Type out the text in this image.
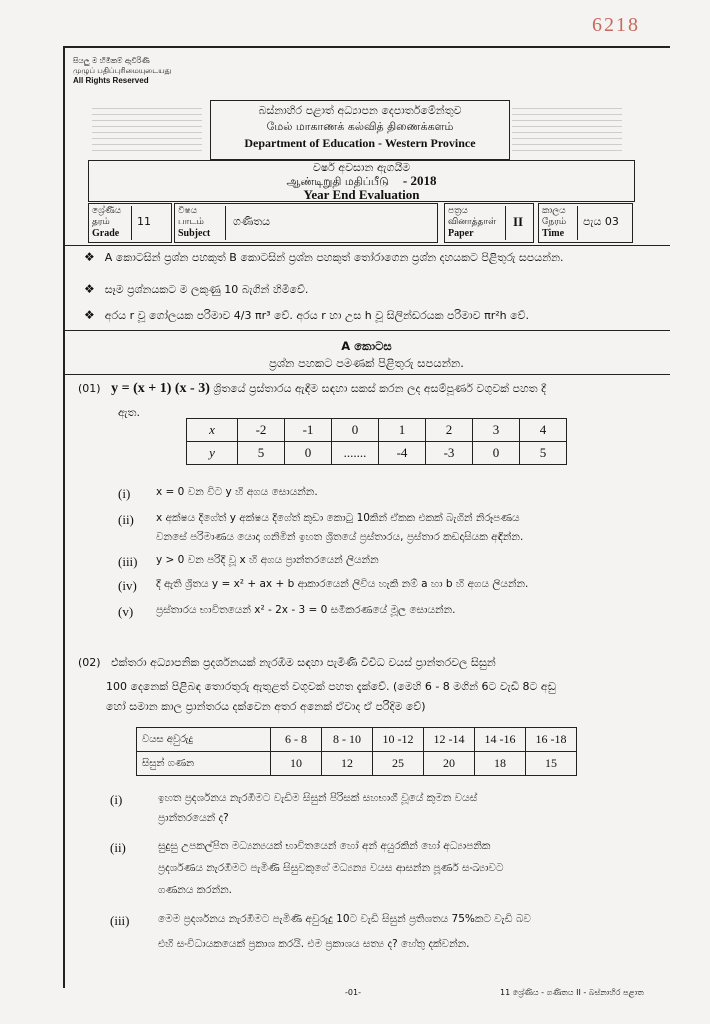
6218
සියලු ම හිමිකම් ඇවිරිණි
முழுப் பதிப்புரிமையுடையது
All Rights Reserved
බස්නාහිර පළාත් අධ්‍යාපන දෙපාර්තමේන්තුව
மேல் மாகாணக் கல்வித் திணைக்களம்
Department of Education - Western Province
වර්ෂ අවසාන ඇගයීම
ஆண்டிறுதி மதிப்பீடு - 2018
Year End Evaluation
ශ්‍රේණිය
தரம்
Grade
11
විෂය
பாடம்
Subject
ගණිතය
පත්‍රය
வினாத்தாள்
Paper
II
කාලය
நேரம்
Time
පැය 03
❖ A කොටසින් ප්‍රශ්න පහකුත් B කොටසින් ප්‍රශ්න පහකුත් තෝරාගෙන ප්‍රශ්න දහයකට පිළිතුරු සපයන්න.
❖ සෑම ප්‍රශ්නයකට ම ලකුණු 10 බැගින් හිමිවේ.
❖ අරය r වූ ගෝලයක පරිමාව 4/3 πr³ වේ. අරය r හා උස h වූ සිලින්ඩරයක පරිමාව πr²h වේ.
A කොටස
ප්‍රශ්න පහකට පමණක් පිළිතුරු සපයන්න.
(01) y = (x + 1) (x - 3) ශ්‍රිතයේ ප්‍රස්තාරය ඇඳීම සඳහා සකස් කරන ලද අසම්පූර්ණ වගුවක් පහත දී
ඇත.
x	-2	-1	0	1	2	3	4
y	5	0	.......	-4	-3	0	5
(i) x = 0 වන විට y හි අගය සොයන්න.
(ii) x අක්ෂය දිගේත් y අක්ෂය දිගේත් කුඩා කොටු 10කින් ඒකක එකක් බැගින් නිරූපණය
වනසේ පරිමාණය යොදා ගනිමින් ඉහත ශ්‍රිතයේ ප්‍රස්තාරය, ප්‍රස්තාර කඩදාසියක අඳින්න.
(iii) y > 0 වන පරිදි වූ x හි අගය ප්‍රාන්තරයෙන් ලියන්න
(iv) දී ඇති ශ්‍රිතය y = x² + ax + b ආකාරයෙන් ලිවිය හැකි නම් a හා b හි අගය ලියන්න.
(v) ප්‍රස්තාරය භාවිතයෙන් x² - 2x - 3 = 0 සමීකරණයේ මූල සොයන්න.
(02) එක්තරා අධ්‍යාපනික ප්‍රදර්ශනයක් නැරඹීම සඳහා පැමිණි විවිධ වයස් ප්‍රාන්තරවල සිසුන්
100 දෙනෙක් පිළිබඳ තොරතුරු ඇතුළත් වගුවක් පහත දැක්වේ. (මෙහි 6 - 8 මගින් 6ට වැඩි 8ට අඩු
හෝ සමාන කාල ප්‍රාන්තරය දක්වෙන අතර අනෙක් ඒවාද ඒ පරිදිම වේ)
වයස අවුරුදු	6 - 8	8 - 10	10 -12	12 -14	14 -16	16 -18
සිසුන් ගණන	10	12	25	20	18	15
(i)	ඉහත ප්‍රදර්ශනය නැරඹීමට වැඩිම සිසුන් පිරිසක් සහභාගී වූයේ කුමන වයස්
ප්‍රාන්තරයෙන් ද?
(ii)	සුදුසු උපකල්පිත මධ්‍යන්‍යයක් භාවිතයෙන් හෝ අන් අයුරකින් හෝ අධ්‍යාපනික
ප්‍රදර්ශණය නැරඹීමට පැමිණි සිසුවකුගේ මධ්‍යන්‍ය වයස ආසන්න පූර්ණ සංඛ්‍යාවට
ගණනය කරන්න.
(iii)	මෙම ප්‍රදර්ශනය නැරඹීමට පැමිණි අවුරුදු 10ට වැඩි සිසුන් ප්‍රතිශතය 75%කට වැඩි බව
එහි සංවිධායකයෙක් ප්‍රකාශ කරයි. එම ප්‍රකාශය සත්‍ය ද? හේතු දක්වන්න.
-01-	11 ශ්‍රේණිය - ගණිතය II - බස්නාහිර පළාත
